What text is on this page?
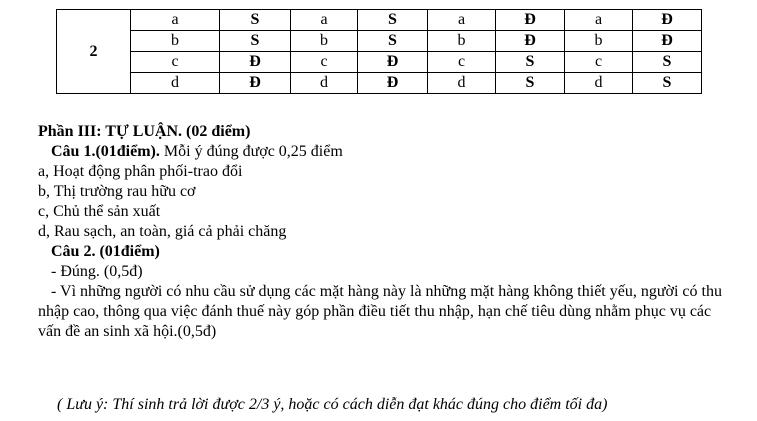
2	a	S	a	S	a	Đ	a	Đ
	b	S	b	S	b	Đ	b	Đ
	c	Đ	c	Đ	c	S	c	S
	d	Đ	d	Đ	d	S	d	S

Phần III: TỰ LUẬN. (02 điểm)

Câu 1.(01điểm). Mỗi ý đúng được 0,25 điểm

a, Hoạt động phân phối-trao đổi

b, Thị trường rau hữu cơ

c, Chủ thể sản xuất

d, Rau sạch, an toàn, giá cả phải chăng

Câu 2. (01điểm)

- Đúng. (0,5đ)

- Vì những người có nhu cầu sử dụng các mặt hàng này là những mặt hàng không thiết yếu, người có thu nhập cao, thông qua việc đánh thuế này góp phần điều tiết thu nhập, hạn chế tiêu dùng nhằm phục vụ các vấn đề an sinh xã hội.(0,5đ)

( Lưu ý: Thí sinh trả lời được 2/3 ý, hoặc có cách diễn đạt khác đúng cho điểm tối đa)
